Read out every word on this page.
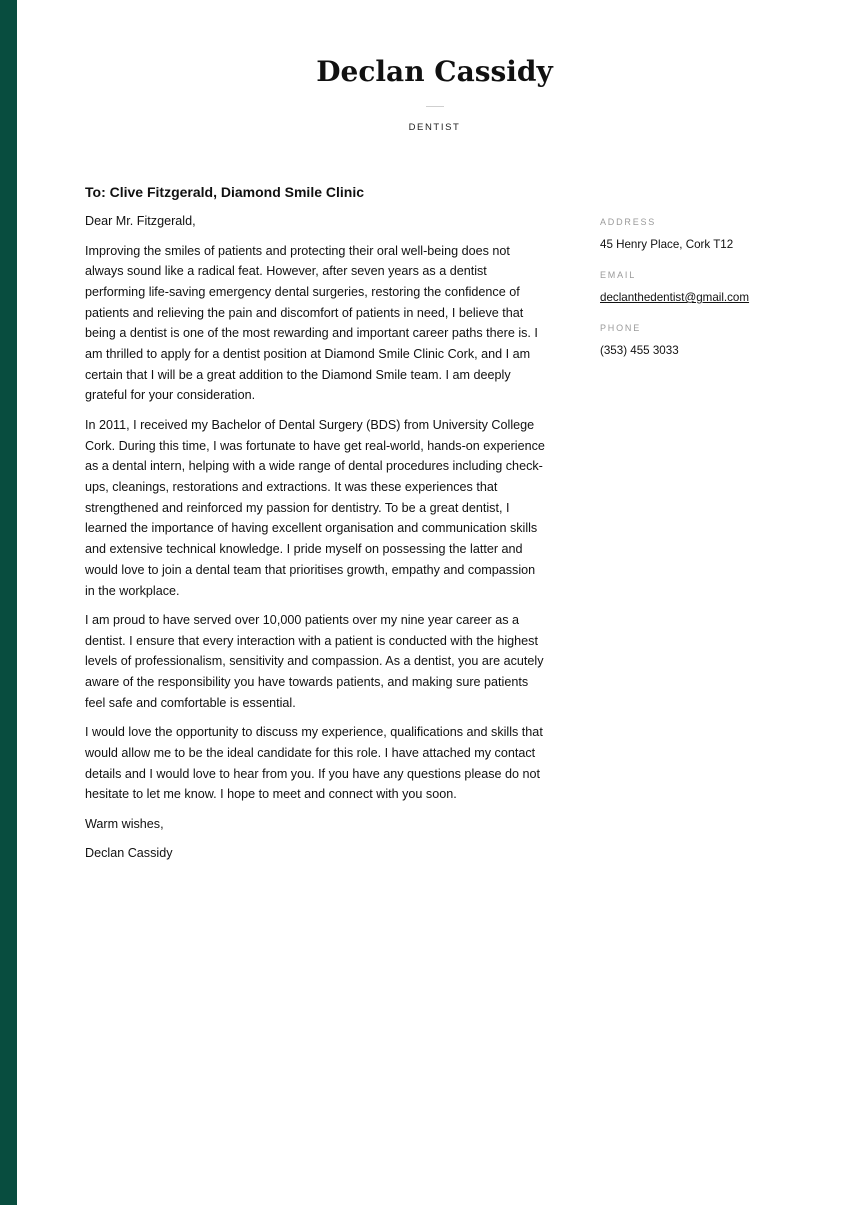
Declan Cassidy
DENTIST
To: Clive Fitzgerald, Diamond Smile Clinic

Dear Mr. Fitzgerald,

Improving the smiles of patients and protecting their oral well-being does not always sound like a radical feat. However, after seven years as a dentist performing life-saving emergency dental surgeries, restoring the confidence of patients and relieving the pain and discomfort of patients in need, I believe that being a dentist is one of the most rewarding and important career paths there is. I am thrilled to apply for a dentist position at Diamond Smile Clinic Cork, and I am certain that I will be a great addition to the Diamond Smile team. I am deeply grateful for your consideration.

In 2011, I received my Bachelor of Dental Surgery (BDS) from University College Cork. During this time, I was fortunate to have get real-world, hands-on experience as a dental intern, helping with a wide range of dental procedures including check-ups, cleanings, restorations and extractions. It was these experiences that strengthened and reinforced my passion for dentistry. To be a great dentist, I learned the importance of having excellent organisation and communication skills and extensive technical knowledge. I pride myself on possessing the latter and would love to join a dental team that prioritises growth, empathy and compassion in the workplace.

I am proud to have served over 10,000 patients over my nine year career as a dentist. I ensure that every interaction with a patient is conducted with the highest levels of professionalism, sensitivity and compassion. As a dentist, you are acutely aware of the responsibility you have towards patients, and making sure patients feel safe and comfortable is essential.

I would love the opportunity to discuss my experience, qualifications and skills that would allow me to be the ideal candidate for this role. I have attached my contact details and I would love to hear from you. If you have any questions please do not hesitate to let me know. I hope to meet and connect with you soon.

Warm wishes,

Declan Cassidy

ADDRESS
45 Henry Place, Cork T12
EMAIL
declanthedentist@gmail.com
PHONE
(353) 455 3033
